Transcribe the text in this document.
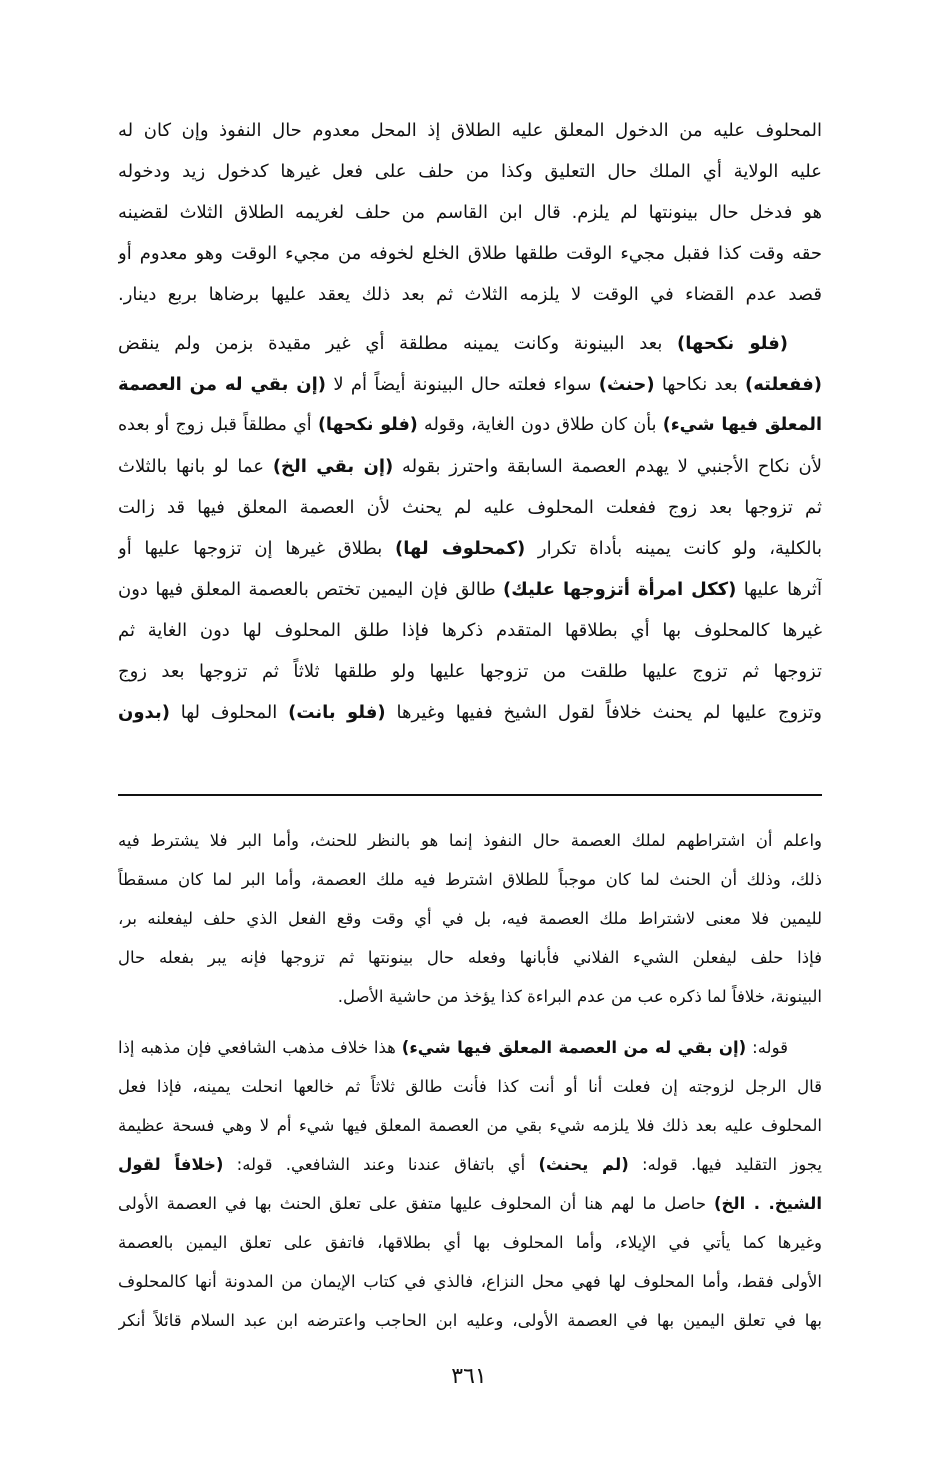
المحلوف عليه من الدخول المعلق عليه الطلاق إذ المحل معدوم حال النفوذ وإن كان له
عليه الولاية أي الملك حال التعليق وكذا من حلف على فعل غيرها كدخول زيد ودخوله
هو فدخل حال بينونتها لم يلزم. قال ابن القاسم من حلف لغريمه الطلاق الثلاث لقضينه
حقه وقت كذا فقبل مجيء الوقت طلقها طلاق الخلع لخوفه من مجيء الوقت وهو معدوم أو
قصد عدم القضاء في الوقت لا يلزمه الثلاث ثم بعد ذلك يعقد عليها برضاها بربع دينار.
(فلو نكحها) بعد البينونة وكانت يمينه مطلقة أي غير مقيدة بزمن ولم ينقض
(ففعلته) بعد نكاحها (حنث) سواء فعلته حال البينونة أيضاً أم لا (إن بقي له من العصمة
المعلق فيها شيء) بأن كان طلاق دون الغاية، وقوله (فلو نكحها) أي مطلقاً قبل زوج أو بعده
لأن نكاح الأجنبي لا يهدم العصمة السابقة واحترز بقوله (إن بقي الخ) عما لو بانها بالثلاث
ثم تزوجها بعد زوج ففعلت المحلوف عليه لم يحنث لأن العصمة المعلق فيها قد زالت
بالكلية، ولو كانت يمينه بأداة تكرار (كمحلوف لها) بطلاق غيرها إن تزوجها عليها أو
آثرها عليها (ككل امرأة أتزوجها عليك) طالق فإن اليمين تختص بالعصمة المعلق فيها دون
غيرها كالمحلوف بها أي بطلاقها المتقدم ذكرها فإذا طلق المحلوف لها دون الغاية ثم
تزوجها ثم تزوج عليها طلقت من تزوجها عليها ولو طلقها ثلاثاً ثم تزوجها بعد زوج
وتزوج عليها لم يحنث خلافاً لقول الشيخ ففيها وغيرها (فلو بانت) المحلوف لها (بدون
واعلم أن اشتراطهم لملك العصمة حال النفوذ إنما هو بالنظر للحنث، وأما البر فلا يشترط فيه
ذلك، وذلك أن الحنث لما كان موجباً للطلاق اشترط فيه ملك العصمة، وأما البر لما كان مسقطاً
لليمين فلا معنى لاشتراط ملك العصمة فيه، بل في أي وقت وقع الفعل الذي حلف ليفعلنه بر،
فإذا حلف ليفعلن الشيء الفلاني فأبانها وفعله حال بينونتها ثم تزوجها فإنه يبر بفعله حال
البينونة، خلافاً لما ذكره عب من عدم البراءة كذا يؤخذ من حاشية الأصل.
قوله: (إن بقي له من العصمة المعلق فيها شيء) هذا خلاف مذهب الشافعي فإن مذهبه إذا
قال الرجل لزوجته إن فعلت أنا أو أنت كذا فأنت طالق ثلاثاً ثم خالعها انحلت يمينه، فإذا فعل
المحلوف عليه بعد ذلك فلا يلزمه شيء بقي من العصمة المعلق فيها شيء أم لا وهي فسحة عظيمة
يجوز التقليد فيها. قوله: (لم يحنث) أي باتفاق عندنا وعند الشافعي. قوله: (خلافاً لقول
الشيخ. . الخ) حاصل ما لهم هنا أن المحلوف عليها متفق على تعلق الحنث بها في العصمة الأولى
وغيرها كما يأتي في الإيلاء، وأما المحلوف بها أي بطلاقها، فاتفق على تعلق اليمين بالعصمة
الأولى فقط، وأما المحلوف لها فهي محل النزاع، فالذي في كتاب الإيمان من المدونة أنها كالمحلوف
بها في تعلق اليمين بها في العصمة الأولى، وعليه ابن الحاجب واعترضه ابن عبد السلام قائلاً أنكر
٣٦١
